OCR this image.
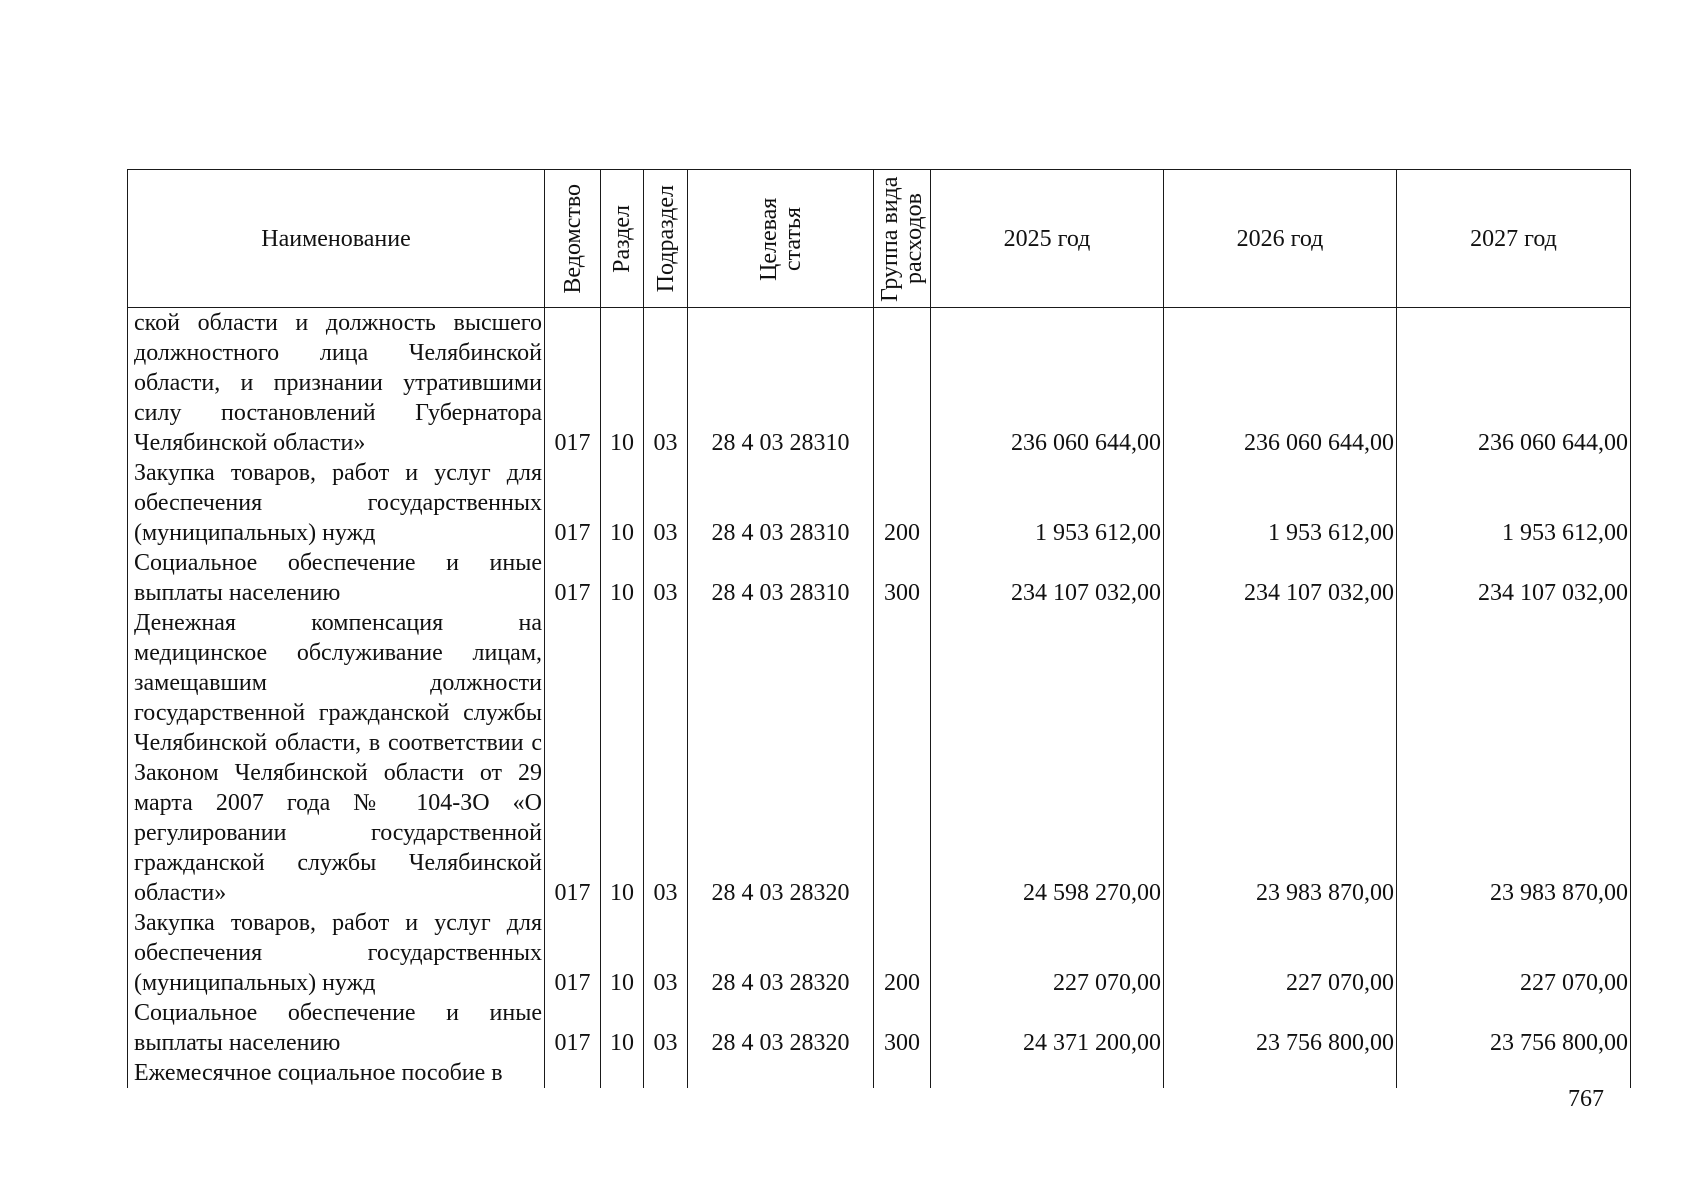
Наименование	Ведомство	Раздел	Подраздел	Целевая статья	Группа вида расходов	2025 год	2026 год	2027 год
ской области и должность высшего должностного лица Челябинской области, и признании утратившими силу постановлений Губернатора Челябинской области»	017	10	03	28 4 03 28310		236 060 644,00	236 060 644,00	236 060 644,00
Закупка товаров, работ и услуг для обеспечения государственных (муниципальных) нужд	017	10	03	28 4 03 28310	200	1 953 612,00	1 953 612,00	1 953 612,00
Социальное обеспечение и иные выплаты населению	017	10	03	28 4 03 28310	300	234 107 032,00	234 107 032,00	234 107 032,00
Денежная компенсация на медицинское обслуживание лицам, замещавшим должности государственной гражданской службы Челябинской области, в соответствии с Законом Челябинской области от 29 марта 2007 года № 104-ЗО «О регулировании государственной гражданской службы Челябинской области»	017	10	03	28 4 03 28320		24 598 270,00	23 983 870,00	23 983 870,00
Закупка товаров, работ и услуг для обеспечения государственных (муниципальных) нужд	017	10	03	28 4 03 28320	200	227 070,00	227 070,00	227 070,00
Социальное обеспечение и иные выплаты населению	017	10	03	28 4 03 28320	300	24 371 200,00	23 756 800,00	23 756 800,00
Ежемесячное социальное пособие в								
767
